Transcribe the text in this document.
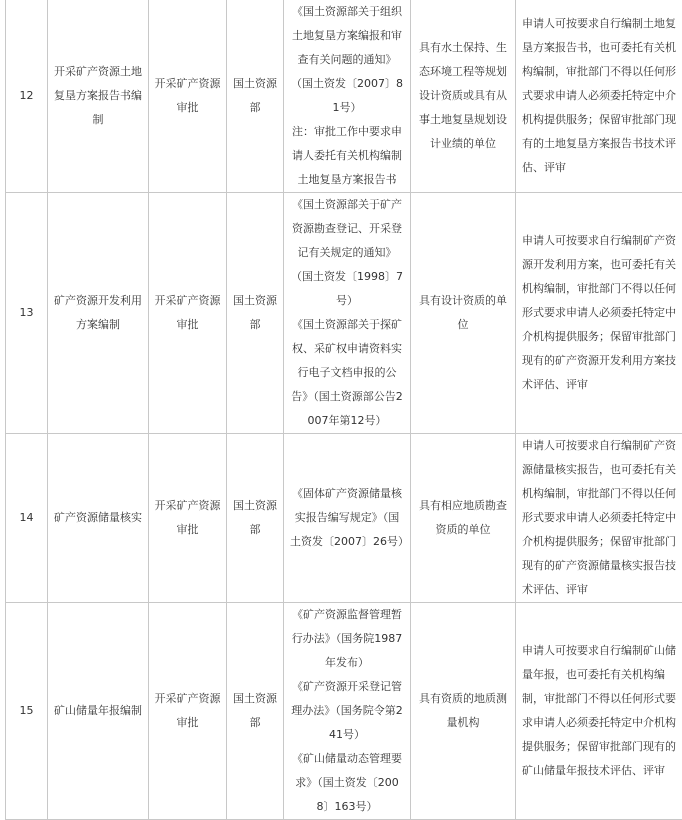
12	开采矿产资源土地复垦方案报告书编制	开采矿产资源审批	国土资源部	《国土资源部关于组织土地复垦方案编报和审查有关问题的通知》（国土资发〔2007〕81号）
注：审批工作中要求申请人委托有关机构编制土地复垦方案报告书	具有水土保持、生态环境工程等规划设计资质或具有从事土地复垦规划设计业绩的单位	申请人可按要求自行编制土地复垦方案报告书，也可委托有关机构编制，审批部门不得以任何形式要求申请人必须委托特定中介机构提供服务；保留审批部门现有的土地复垦方案报告书技术评估、评审
13	矿产资源开发利用方案编制	开采矿产资源审批	国土资源部	《国土资源部关于矿产资源勘查登记、开采登记有关规定的通知》（国土资发〔1998〕7号）
《国土资源部关于探矿权、采矿权申请资料实行电子文档申报的公告》（国土资源部公告2007年第12号）	具有设计资质的单位	申请人可按要求自行编制矿产资源开发利用方案，也可委托有关机构编制，审批部门不得以任何形式要求申请人必须委托特定中介机构提供服务；保留审批部门现有的矿产资源开发利用方案技术评估、评审
14	矿产资源储量核实	开采矿产资源审批	国土资源部	《固体矿产资源储量核实报告编写规定》（国土资发〔2007〕26号）	具有相应地质勘查资质的单位	申请人可按要求自行编制矿产资源储量核实报告，也可委托有关机构编制，审批部门不得以任何形式要求申请人必须委托特定中介机构提供服务；保留审批部门现有的矿产资源储量核实报告技术评估、评审
15	矿山储量年报编制	开采矿产资源审批	国土资源部	《矿产资源监督管理暂行办法》（国务院1987年发布）
《矿产资源开采登记管理办法》（国务院令第241号）
《矿山储量动态管理要求》（国土资发〔2008〕163号）	具有资质的地质测量机构	申请人可按要求自行编制矿山储量年报，也可委托有关机构编制，审批部门不得以任何形式要求申请人必须委托特定中介机构提供服务；保留审批部门现有的矿山储量年报技术评估、评审
